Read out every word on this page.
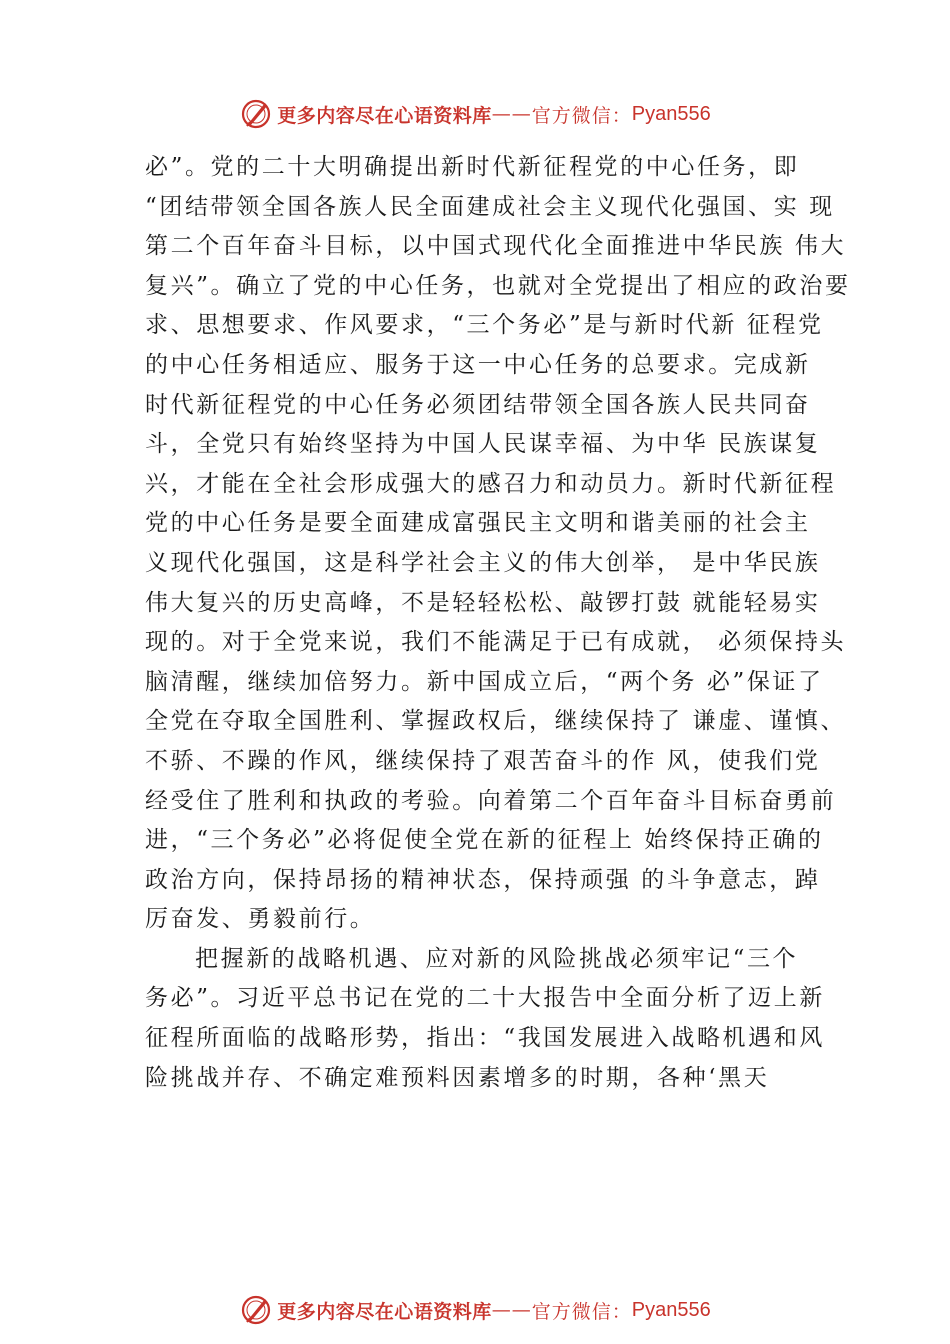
更多内容尽在心语资料库 —— 官方微信： Pyan556
必”。党的二十大明确提出新时代新征程党的中心任务，即
“团结带领全国各族人民全面建成社会主义现代化强国、实 现
第二个百年奋斗目标，以中国式现代化全面推进中华民族 伟大
复兴”。确立了党的中心任务，也就对全党提出了相应的政治要
求、思想要求、作风要求，“三个务必”是与新时代新 征程党
的中心任务相适应、服务于这一中心任务的总要求。完成新
时代新征程党的中心任务必须团结带领全国各族人民共同奋
斗，全党只有始终坚持为中国人民谋幸福、为中华 民族谋复
兴，才能在全社会形成强大的感召力和动员力。新时代新征程
党的中心任务是要全面建成富强民主文明和谐美丽的社会主
义现代化强国，这是科学社会主义的伟大创举， 是中华民族
伟大复兴的历史高峰，不是轻轻松松、敲锣打鼓 就能轻易实
现的。对于全党来说，我们不能满足于已有成就， 必须保持头
脑清醒，继续加倍努力。新中国成立后，“两个务 必”保证了
全党在夺取全国胜利、掌握政权后，继续保持了 谦虚、谨慎、
不骄、不躁的作风，继续保持了艰苦奋斗的作 风，使我们党
经受住了胜利和执政的考验。向着第二个百年奋斗目标奋勇前
进，“三个务必”必将促使全党在新的征程上 始终保持正确的
政治方向，保持昂扬的精神状态，保持顽强 的斗争意志，踔
厉奋发、勇毅前行。
把握新的战略机遇、应对新的风险挑战必须牢记“三个
务必”。习近平总书记在党的二十大报告中全面分析了迈上新
征程所面临的战略形势，指出：“我国发展进入战略机遇和风
险挑战并存、不确定难预料因素增多的时期，各种‘黑天
更多内容尽在心语资料库 —— 官方微信： Pyan556
